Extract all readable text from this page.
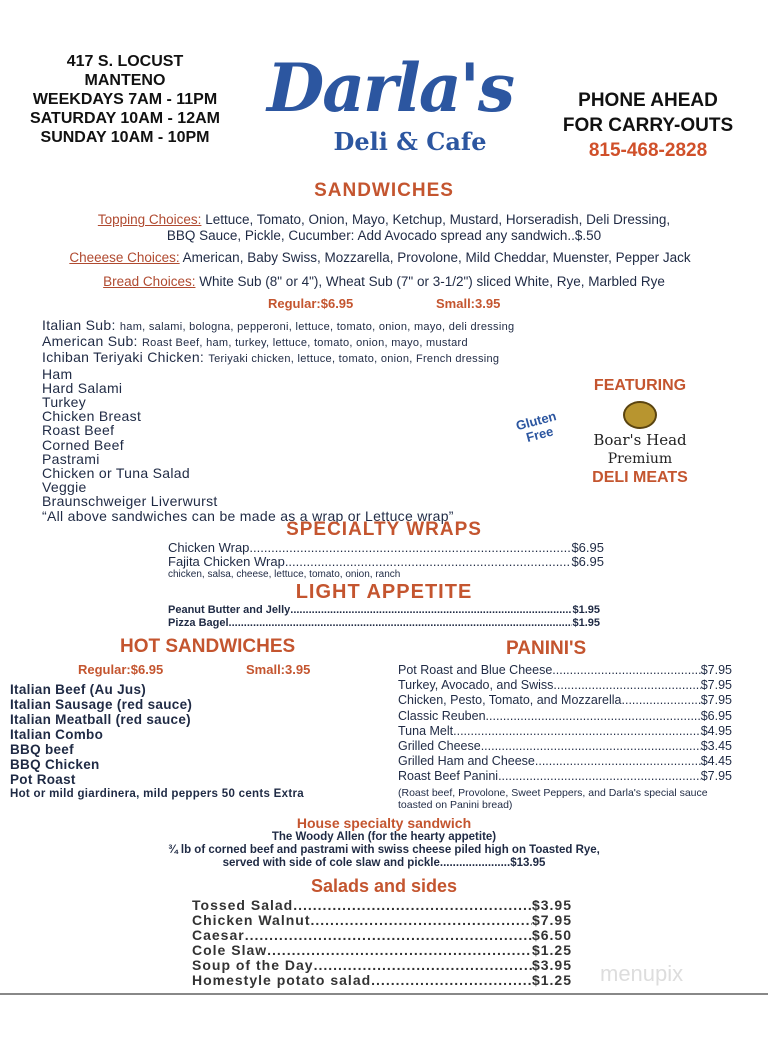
417 S. LOCUST
MANTENO
WEEKDAYS 7AM - 11PM
SATURDAY 10AM - 12AM
SUNDAY 10AM - 10PM
Darla's
Deli & Cafe
PHONE AHEAD
FOR CARRY-OUTS
815-468-2828
SANDWICHES
Topping Choices: Lettuce, Tomato, Onion, Mayo, Ketchup, Mustard, Horseradish, Deli Dressing,
BBQ Sauce, Pickle, Cucumber: Add Avocado spread any sandwich..$.50
Cheeese Choices: American, Baby Swiss, Mozzarella, Provolone, Mild Cheddar, Muenster, Pepper Jack
Bread Choices: White Sub (8" or 4"), Wheat Sub (7" or 3-1/2") sliced White, Rye, Marbled Rye
Regular:$6.95	Small:3.95
Italian Sub: ham, salami, bologna, pepperoni, lettuce, tomato, onion, mayo, deli dressing
American Sub: Roast Beef, ham, turkey, lettuce, tomato, onion, mayo, mustard
Ichiban Teriyaki Chicken: Teriyaki chicken, lettuce, tomato, onion, French dressing
Ham
Hard Salami
Turkey
Chicken Breast
Roast Beef
Corned Beef
Pastrami
Chicken or Tuna Salad
Veggie
Braunschweiger Liverwurst
“All above sandwiches can be made as a wrap or Lettuce wrap”
FEATURING
Boar's Head
Premium
DELI MEATS
Gluten Free
SPECIALTY WRAPS
Chicken Wrap .....	$6.95
Fajita Chicken Wrap .....	$6.95
chicken, salsa, cheese, lettuce, tomato, onion, ranch
LIGHT APPETITE
Peanut Butter and Jelly .....	$1.95
Pizza Bagel .....	$1.95
HOT SANDWICHES
Regular:$6.95	Small:3.95
Italian Beef (Au Jus)
Italian Sausage (red sauce)
Italian Meatball (red sauce)
Italian Combo
BBQ beef
BBQ Chicken
Pot Roast
Hot or mild giardinera, mild peppers 50 cents Extra
PANINI'S
Pot Roast and Blue Cheese .....	$7.95
Turkey, Avocado, and Swiss .....	$7.95
Chicken, Pesto, Tomato, and Mozzarella .....	$7.95
Classic Reuben .....	$6.95
Tuna Melt .....	$4.95
Grilled Cheese .....	$3.45
Grilled Ham and Cheese .....	$4.45
Roast Beef Panini .....	$7.95
(Roast beef, Provolone, Sweet Peppers, and Darla's special sauce
toasted on Panini bread)
House specialty sandwich
The Woody Allen (for the hearty appetite)
¾ lb of corned beef and pastrami with swiss cheese piled high on Toasted Rye,
served with side of cole slaw and pickle......................$13.95
Salads and sides
Tossed Salad .....	$3.95
Chicken Walnut .....	$7.95
Caesar .....	$6.50
Cole Slaw .....	$1.25
Soup of the Day .....	$3.95
Homestyle potato salad .....	$1.25 menupix
